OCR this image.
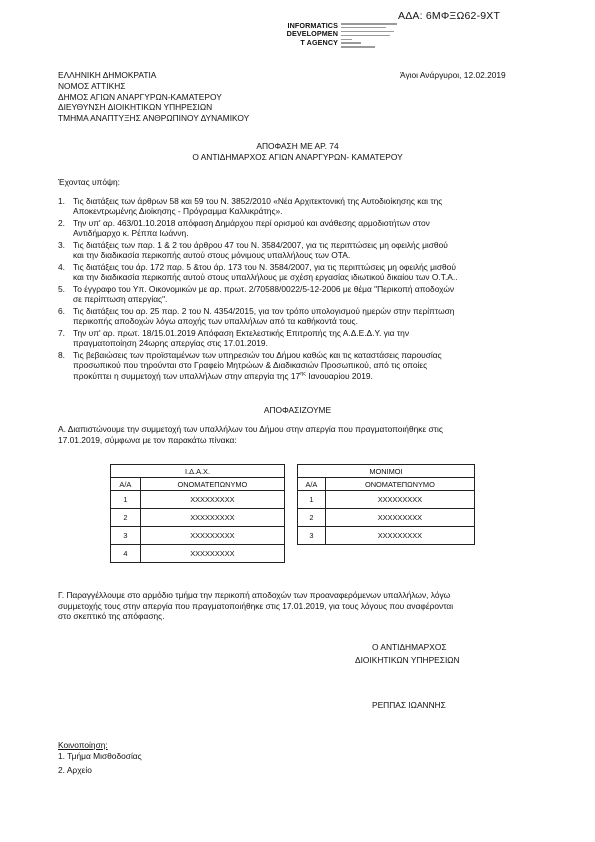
ΑΔΑ: 6ΜΦΞΩ62-9ΧΤ
INFORMATICS
DEVELOPMEN
T AGENCY
ΕΛΛΗΝΙΚΗ ΔΗΜΟΚΡΑΤΙΑ
ΝΟΜΟΣ ΑΤΤΙΚΗΣ
ΔΗΜΟΣ ΑΓΙΩΝ ΑΝΑΡΓΥΡΩΝ-ΚΑΜΑΤΕΡΟΥ
ΔΙΕΥΘΥΝΣΗ ΔΙΟΙΚΗΤΙΚΩΝ ΥΠΗΡΕΣΙΩΝ
ΤΜΗΜΑ ΑΝΑΠΤΥΞΗΣ ΑΝΘΡΩΠΙΝΟΥ ΔΥΝΑΜΙΚΟΥ
Άγιοι Ανάργυροι, 12.02.2019
ΑΠΟΦΑΣΗ ΜΕ ΑΡ. 74
Ο ΑΝΤΙΔΗΜΑΡΧΟΣ ΑΓΙΩΝ ΑΝΑΡΓΥΡΩΝ- ΚΑΜΑΤΕΡΟΥ
Έχοντας υπόψη:
1. Τις διατάξεις των άρθρων 58 και 59 του Ν. 3852/2010 «Νέα Αρχιτεκτονική της Αυτοδιοίκησης και της
Αποκεντρωμένης Διοίκησης - Πρόγραμμα Καλλικράτης».
2. Την υπ' αρ. 463/01.10.2018 απόφαση Δημάρχου περί ορισμού και ανάθεσης αρμοδιοτήτων στον
Αντιδήμαρχο κ. Ρέππα Ιωάννη.
3. Τις διατάξεις των παρ. 1 & 2 του άρθρου 47 του Ν. 3584/2007, για τις περιπτώσεις μη οφειλής μισθού
και την διαδικασία περικοπής αυτού στους μόνιμους υπαλλήλους των ΟΤΑ.
4. Τις διατάξεις του άρ. 172 παρ. 5 &του άρ. 173 του Ν. 3584/2007, για τις περιπτώσεις μη οφειλής μισθού
και την διαδικασία περικοπής αυτού στους υπαλλήλους με σχέση εργασίας ιδιωτικού δικαίου των Ο.Τ.Α..
5. Το έγγραφο του Υπ. Οικονομικών με αρ. πρωτ. 2/70588/0022/5-12-2006 με θέμα "Περικοπή αποδοχών
σε περίπτωση απεργίας".
6. Τις διατάξεις του αρ. 25 παρ. 2 του Ν. 4354/2015, για τον τρόπο υπολογισμού ημερών στην περίπτωση
περικοπής αποδοχών λόγω αποχής των υπαλλήλων από τα καθήκοντά τους.
7. Την υπ' αρ. πρωτ. 18/15.01.2019 Απόφαση Εκτελεστικής Επιτροπής της Α.Δ.Ε.Δ.Υ. για την
πραγματοποίηση 24ωρης απεργίας στις 17.01.2019.
8. Τις βεβαιώσεις των προϊσταμένων των υπηρεσιών του Δήμου καθώς και τις καταστάσεις παρουσίας
προσωπικού που τηρούνται στο Γραφείο Μητρώων & Διαδικασιών Προσωπικού, από τις οποίες
προκύπτει η συμμετοχή των υπαλλήλων στην απεργία της $17^{\eta\varsigma}$ Ιανουαρίου 2019.
ΑΠΟΦΑΣΙΖΟΥΜΕ
Α. Διαπιστώνουμε την συμμετοχή των υπαλλήλων του Δήμου στην απεργία που πραγματοποιήθηκε στις
17.01.2019, σύμφωνα με τον παρακάτω πίνακα:
Ι.Δ.Α.Χ.	
Α/Α	ΟΝΟΜΑΤΕΠΩΝΥΜΟ
1	ΧΧΧΧΧΧΧΧΧ
2	ΧΧΧΧΧΧΧΧΧ
3	ΧΧΧΧΧΧΧΧΧ
4	ΧΧΧΧΧΧΧΧΧ
ΜΟΝΙΜΟΙ	
Α/Α	ΟΝΟΜΑΤΕΠΩΝΥΜΟ
1	ΧΧΧΧΧΧΧΧΧ
2	ΧΧΧΧΧΧΧΧΧ
3	ΧΧΧΧΧΧΧΧΧ
Γ. Παραγγέλλουμε στο αρμόδιο τμήμα την περικοπή αποδοχών των προαναφερόμενων υπαλλήλων, λόγω
συμμετοχής τους στην απεργία που πραγματοποιήθηκε στις 17.01.2019, για τους λόγους που αναφέρονται
στο σκεπτικό της απόφασης.
Ο ΑΝΤΙΔΗΜΑΡΧΟΣ
ΔΙΟΙΚΗΤΙΚΩΝ ΥΠΗΡΕΣΙΩΝ
ΡΕΠΠΑΣ ΙΩΑΝΝΗΣ
Κοινοποίηση:
1. Τμήμα Μισθοδοσίας
2. Αρχείο
